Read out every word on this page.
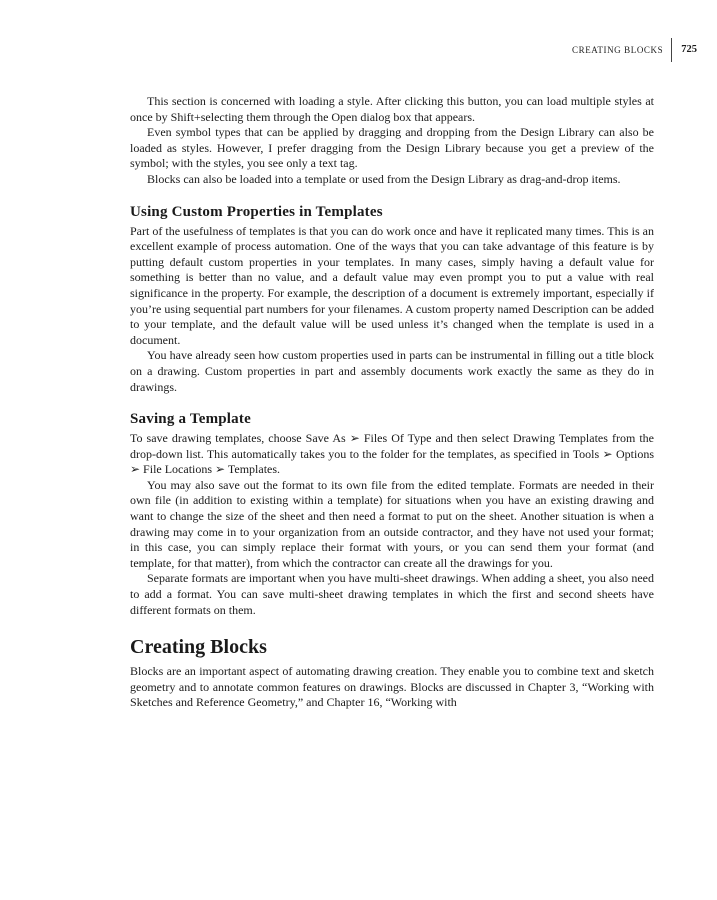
CREATING BLOCKS	725

This section is concerned with loading a style. After clicking this button, you can load multiple styles at once by Shift+selecting them through the Open dialog box that appears.

Even symbol types that can be applied by dragging and dropping from the Design Library can also be loaded as styles. However, I prefer dragging from the Design Library because you get a preview of the symbol; with the styles, you see only a text tag.

Blocks can also be loaded into a template or used from the Design Library as drag-and-drop items.

Using Custom Properties in Templates

Part of the usefulness of templates is that you can do work once and have it replicated many times. This is an excellent example of process automation. One of the ways that you can take advantage of this feature is by putting default custom properties in your templates. In many cases, simply having a default value for something is better than no value, and a default value may even prompt you to put a value with real significance in the property. For example, the description of a document is extremely important, especially if you’re using sequential part numbers for your filenames. A custom property named Description can be added to your template, and the default value will be used unless it’s changed when the template is used in a document.

You have already seen how custom properties used in parts can be instrumental in filling out a title block on a drawing. Custom properties in part and assembly documents work exactly the same as they do in drawings.

Saving a Template

To save drawing templates, choose Save As ➢ Files Of Type and then select Drawing Templates from the drop-down list. This automatically takes you to the folder for the templates, as specified in Tools ➢ Options ➢ File Locations ➢ Templates.

You may also save out the format to its own file from the edited template. Formats are needed in their own file (in addition to existing within a template) for situations when you have an existing drawing and want to change the size of the sheet and then need a format to put on the sheet. Another situation is when a drawing may come in to your organization from an outside contractor, and they have not used your format; in this case, you can simply replace their format with yours, or you can send them your format (and template, for that matter), from which the contractor can create all the drawings for you.

Separate formats are important when you have multi-sheet drawings. When adding a sheet, you also need to add a format. You can save multi-sheet drawing templates in which the first and second sheets have different formats on them.

Creating Blocks

Blocks are an important aspect of automating drawing creation. They enable you to combine text and sketch geometry and to annotate common features on drawings. Blocks are discussed in Chapter 3, “Working with Sketches and Reference Geometry,” and Chapter 16, “Working with
